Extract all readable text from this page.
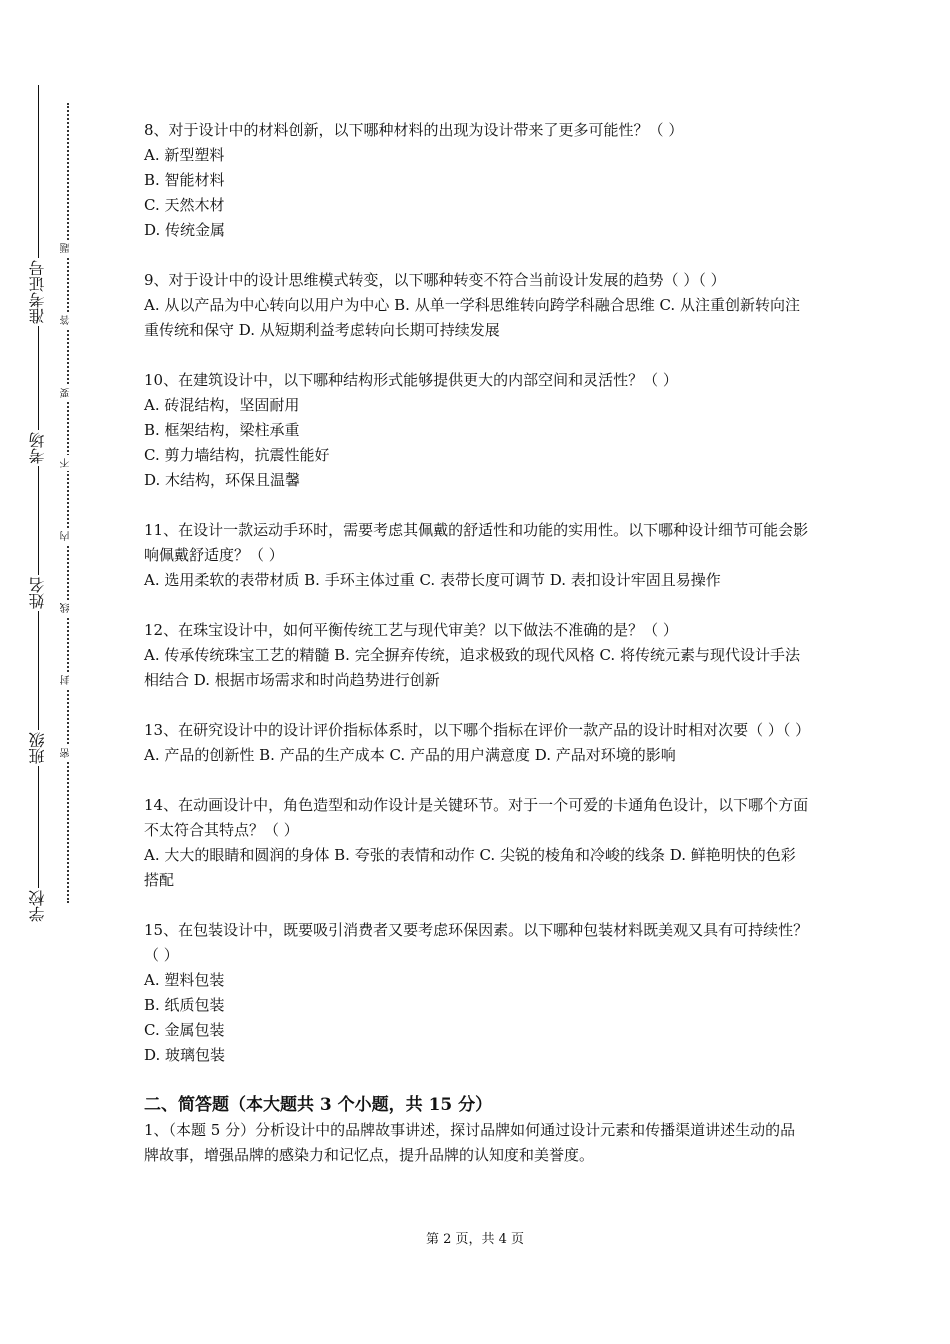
准考证号
考场
姓名
班级
学校
题
答
要
不
内
线
封
密

8、对于设计中的材料创新，以下哪种材料的出现为设计带来了更多可能性？（ ）

A. 新型塑料

B. 智能材料

C. 天然木材

D. 传统金属

9、对于设计中的设计思维模式转变，以下哪种转变不符合当前设计发展的趋势（ ）（ ）

A. 从以产品为中心转向以用户为中心 B. 从单一学科思维转向跨学科融合思维 C. 从注重创新转向注重传统和保守 D. 从短期利益考虑转向长期可持续发展

10、在建筑设计中，以下哪种结构形式能够提供更大的内部空间和灵活性？（ ）

A. 砖混结构，坚固耐用

B. 框架结构，梁柱承重

C. 剪力墙结构，抗震性能好

D. 木结构，环保且温馨

11、在设计一款运动手环时，需要考虑其佩戴的舒适性和功能的实用性。以下哪种设计细节可能会影响佩戴舒适度？（ ）

A. 选用柔软的表带材质 B. 手环主体过重 C. 表带长度可调节 D. 表扣设计牢固且易操作

12、在珠宝设计中，如何平衡传统工艺与现代审美？以下做法不准确的是？（ ）

A. 传承传统珠宝工艺的精髓 B. 完全摒弃传统，追求极致的现代风格 C. 将传统元素与现代设计手法相结合 D. 根据市场需求和时尚趋势进行创新

13、在研究设计中的设计评价指标体系时，以下哪个指标在评价一款产品的设计时相对次要（ ）（ ）

A. 产品的创新性 B. 产品的生产成本 C. 产品的用户满意度 D. 产品对环境的影响

14、在动画设计中，角色造型和动作设计是关键环节。对于一个可爱的卡通角色设计，以下哪个方面不太符合其特点？（ ）

A. 大大的眼睛和圆润的身体 B. 夸张的表情和动作 C. 尖锐的棱角和冷峻的线条 D. 鲜艳明快的色彩搭配

15、在包装设计中，既要吸引消费者又要考虑环保因素。以下哪种包装材料既美观又具有可持续性？（ ）

A. 塑料包装

B. 纸质包装

C. 金属包装

D. 玻璃包装

二、简答题（本大题共 3 个小题，共 15 分）

1、（本题 5 分）分析设计中的品牌故事讲述，探讨品牌如何通过设计元素和传播渠道讲述生动的品牌故事，增强品牌的感染力和记忆点，提升品牌的认知度和美誉度。

第 2 页，共 4 页
